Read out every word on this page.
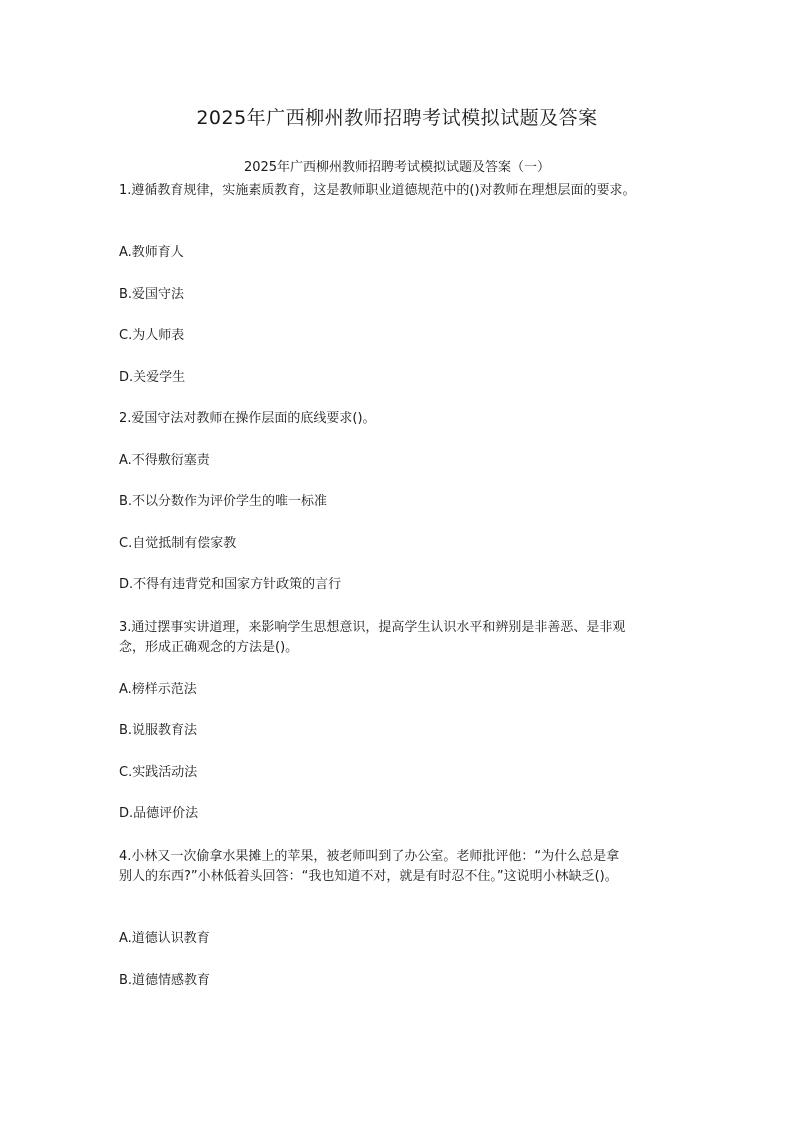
2025年广西柳州教师招聘考试模拟试题及答案
2025年广西柳州教师招聘考试模拟试题及答案（一）

1.遵循教育规律，实施素质教育，这是教师职业道德规范中的()对教师在理想层面的要求。

A.教师育人

B.爱国守法

C.为人师表

D.关爱学生

2.爱国守法对教师在操作层面的底线要求()。

A.不得敷衍塞责

B.不以分数作为评价学生的唯一标准

C.自觉抵制有偿家教

D.不得有违背党和国家方针政策的言行

3.通过摆事实讲道理，来影响学生思想意识，提高学生认识水平和辨别是非善恶、是非观

念，形成正确观念的方法是()。

A.榜样示范法

B.说服教育法

C.实践活动法

D.品德评价法

4.小林又一次偷拿水果摊上的苹果，被老师叫到了办公室。老师批评他：“为什么总是拿

别人的东西?”小林低着头回答：“我也知道不对，就是有时忍不住。”这说明小林缺乏()。

A.道德认识教育

B.道德情感教育
